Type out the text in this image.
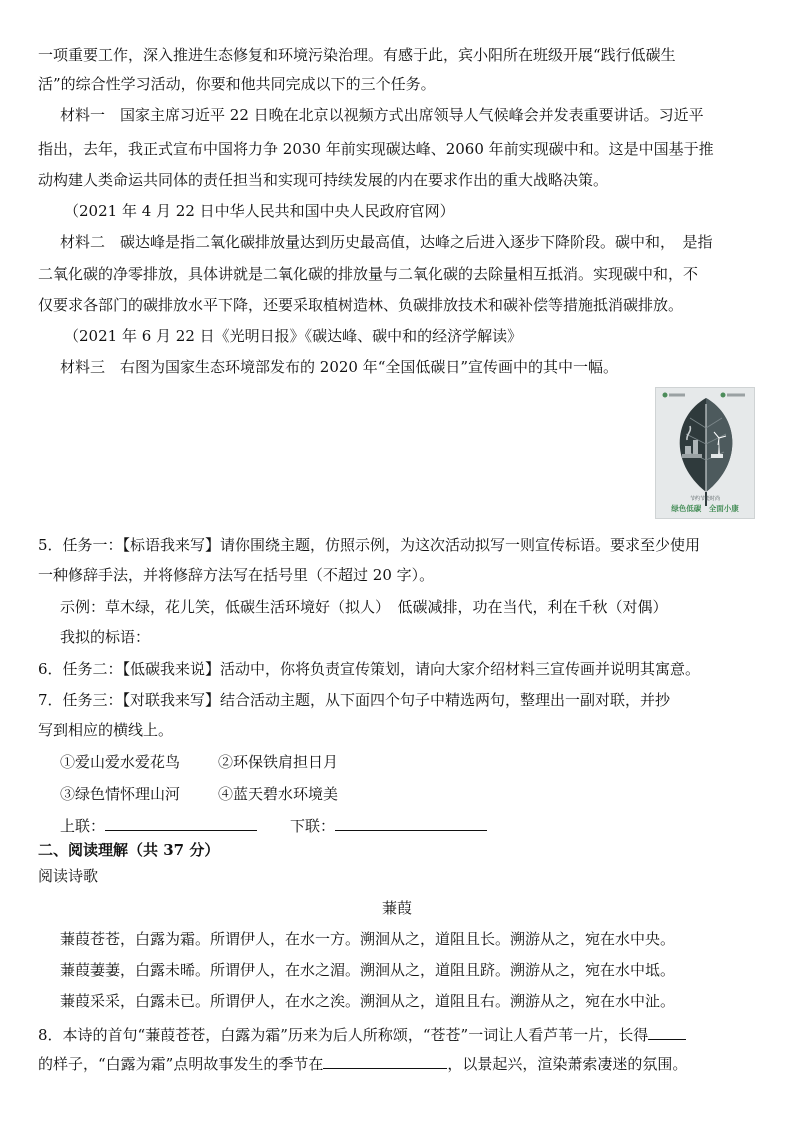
一项重要工作，深入推进生态修复和环境污染治理。有感于此，宾小阳所在班级开展“践行低碳生
活”的综合性学习活动，你要和他共同完成以下的三个任务。
材料一　国家主席习近平 22 日晚在北京以视频方式出席领导人气候峰会并发表重要讲话。习近平
指出，去年，我正式宣布中国将力争 2030 年前实现碳达峰、2060 年前实现碳中和。这是中国基于推
动构建人类命运共同体的责任担当和实现可持续发展的内在要求作出的重大战略决策。
（2021 年 4 月 22 日中华人民共和国中央人民政府官网）
材料二　碳达峰是指二氧化碳排放量达到历史最高值，达峰之后进入逐步下降阶段。碳中和，　是指
二氧化碳的净零排放，具体讲就是二氧化碳的排放量与二氧化碳的去除量相互抵消。实现碳中和，不
仅要求各部门的碳排放水平下降，还要采取植树造林、负碳排放技术和碳补偿等措施抵消碳排放。
（2021 年 6 月 22 日《光明日报》《碳达峰、碳中和的经济学解读》
材料三　右图为国家生态环境部发布的 2020 年“全国低碳日”宣传画中的其中一幅。
节约节能时尚
绿色低碳　全面小康
5．任务一：【标语我来写】请你围绕主题，仿照示例，为这次活动拟写一则宣传标语。要求至少使用
一种修辞手法，并将修辞方法写在括号里（不超过 20 字）。
示例：草木绿，花儿笑，低碳生活环境好（拟人）　低碳减排，功在当代，利在千秋（对偶）
我拟的标语：
6．任务二：【低碳我来说】活动中，你将负责宣传策划，请向大家介绍材料三宣传画并说明其寓意。
7．任务三：【对联我来写】结合活动主题，从下面四个句子中精选两句，整理出一副对联，并抄
写到相应的横线上。
①爱山爱水爱花鸟	②环保铁肩担日月
③绿色情怀理山河	④蓝天碧水环境美
上联：	下联：
二、阅读理解（共 37 分）
阅读诗歌
蒹葭
蒹葭苍苍，白露为霜。所谓伊人，在水一方。溯洄从之，道阻且长。溯游从之，宛在水中央。
蒹葭萋萋，白露未晞。所谓伊人，在水之湄。溯洄从之，道阻且跻。溯游从之，宛在水中坻。
蒹葭采采，白露未已。所谓伊人，在水之涘。溯洄从之，道阻且右。溯游从之，宛在水中沚。
8．本诗的首句“蒹葭苍苍，白露为霜”历来为后人所称颂，“苍苍”一词让人看芦苇一片，长得
的样子，“白露为霜”点明故事发生的季节在	，以景起兴，渲染萧索凄迷的氛围。
